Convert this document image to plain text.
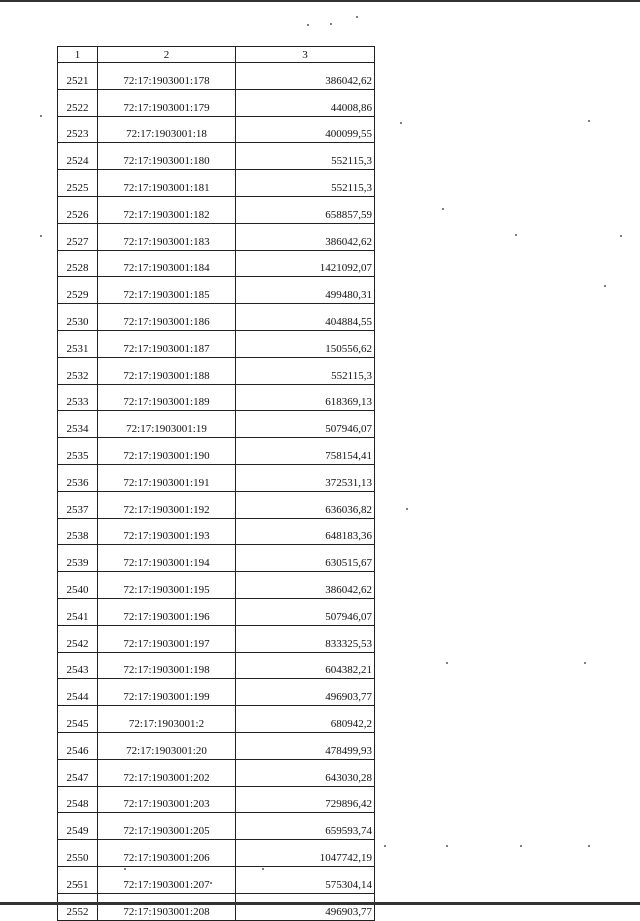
1	2	3
2521	72:17:1903001:178	386042,62
2522	72:17:1903001:179	44008,86
2523	72:17:1903001:18	400099,55
2524	72:17:1903001:180	552115,3
2525	72:17:1903001:181	552115,3
2526	72:17:1903001:182	658857,59
2527	72:17:1903001:183	386042,62
2528	72:17:1903001:184	1421092,07
2529	72:17:1903001:185	499480,31
2530	72:17:1903001:186	404884,55
2531	72:17:1903001:187	150556,62
2532	72:17:1903001:188	552115,3
2533	72:17:1903001:189	618369,13
2534	72:17:1903001:19	507946,07
2535	72:17:1903001:190	758154,41
2536	72:17:1903001:191	372531,13
2537	72:17:1903001:192	636036,82
2538	72:17:1903001:193	648183,36
2539	72:17:1903001:194	630515,67
2540	72:17:1903001:195	386042,62
2541	72:17:1903001:196	507946,07
2542	72:17:1903001:197	833325,53
2543	72:17:1903001:198	604382,21
2544	72:17:1903001:199	496903,77
2545	72:17:1903001:2	680942,2
2546	72:17:1903001:20	478499,93
2547	72:17:1903001:202	643030,28
2548	72:17:1903001:203	729896,42
2549	72:17:1903001:205	659593,74
2550	72:17:1903001:206	1047742,19
2551	72:17:1903001:207	575304,14
2552	72:17:1903001:208	496903,77
